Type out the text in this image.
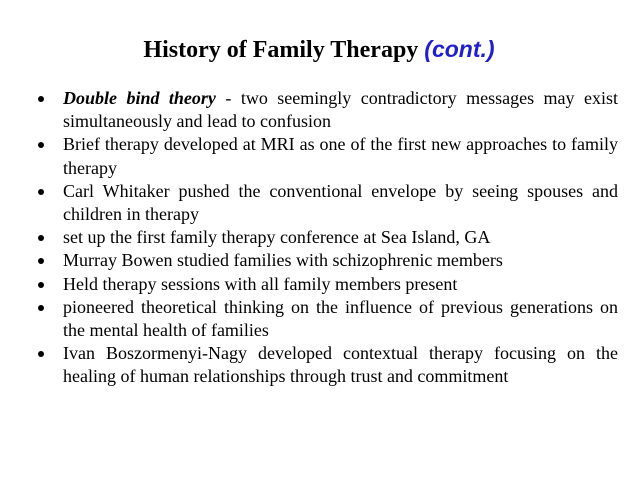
History of Family Therapy (cont.)
Double bind theory - two seemingly contradictory messages may exist simultaneously and lead to confusion
Brief therapy developed at MRI as one of the first new approaches to family therapy
Carl Whitaker pushed the conventional envelope by seeing spouses and children in therapy
set up the first family therapy conference at Sea Island, GA
Murray Bowen studied families with schizophrenic members
Held therapy sessions with all family members present
pioneered theoretical thinking on the influence of previous generations on the mental health of families
Ivan Boszormenyi-Nagy developed contextual therapy focusing on the healing of human relationships through trust and commitment
